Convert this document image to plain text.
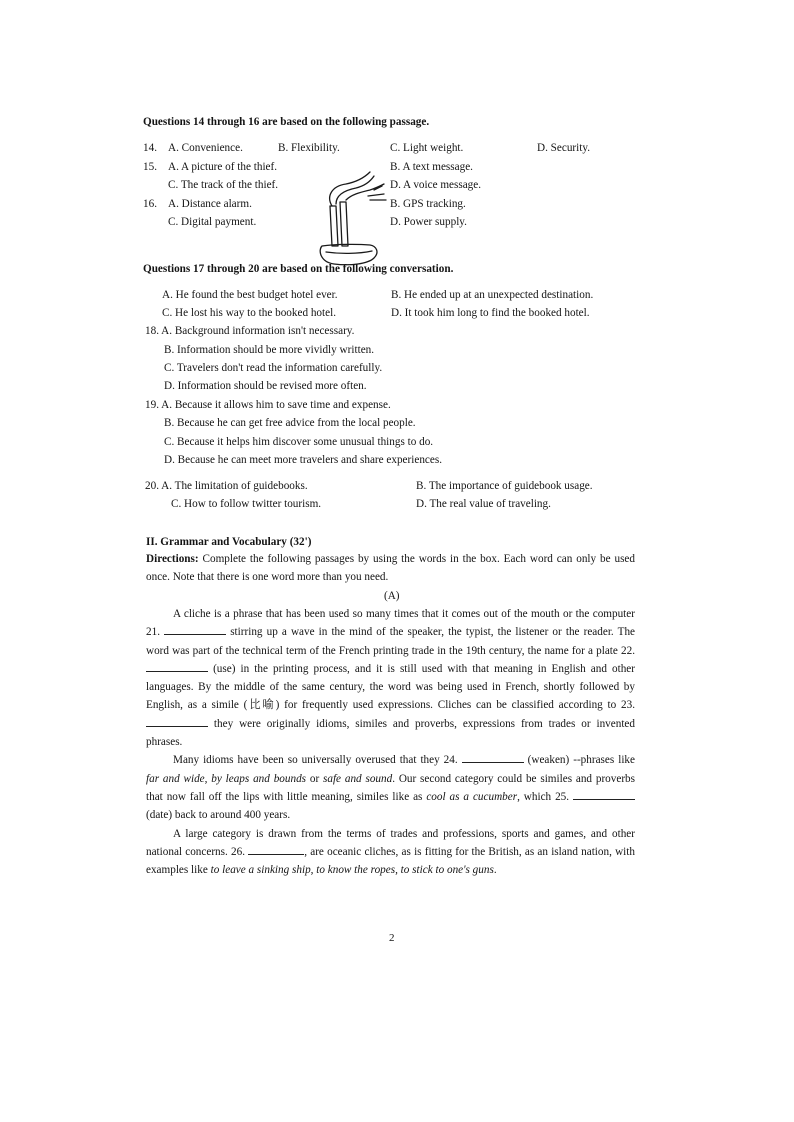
Questions 14 through 16 are based on the following passage.
14. A. Convenience.	B. Flexibility.	C. Light weight.	D. Security.
15. A. A picture of the thief.	B. A text message.
C. The track of the thief.	D. A voice message.
16. A. Distance alarm.	B. GPS tracking.
C. Digital payment.	D. Power supply.
Questions 17 through 20 are based on the following conversation.
A. He found the best budget hotel ever.	B. He ended up at an unexpected destination.
C. He lost his way to the booked hotel.	D. It took him long to find the booked hotel.
18. A. Background information isn't necessary.
B. Information should be more vividly written.
C. Travelers don't read the information carefully.
D. Information should be revised more often.
19. A. Because it allows him to save time and expense.
B. Because he can get free advice from the local people.
C. Because it helps him discover some unusual things to do.
D. Because he can meet more travelers and share experiences.
20. A. The limitation of guidebooks.	B. The importance of guidebook usage.
C. How to follow twitter tourism.	D. The real value of traveling.
II. Grammar and Vocabulary (32')

Directions: Complete the following passages by using the words in the box. Each word can only be used once. Note that there is one word more than you need.

(A)

A cliche is a phrase that has been used so many times that it comes out of the mouth or the computer 21.	stirring up a wave in the mind of the speaker, the typist, the listener or the reader. The word was part of the technical term of the French printing trade in the 19th century, the name for a plate 22.  (use) in the printing process, and it is still used with that meaning in English and other languages. By the middle of the same century, the word was being used in French, shortly followed by English, as a simile (比喻) for frequently used expressions. Cliches can be classified according to 23.  they were originally idioms, similes and proverbs, expressions from trades or invented phrases.

Many idioms have been so universally overused that they 24.	(weaken) --phrases like far and wide, by leaps and bounds or safe and sound. Our second category could be similes and proverbs that now fall off the lips with little meaning, similes like as cool as a cucumber, which 25. (date) back to around 400 years.

A large category is drawn from the terms of trades and professions, sports and games, and other national concerns. 26.	, are oceanic cliches, as is fitting for the British, as an island nation, with examples like to leave a sinking ship, to know the ropes, to stick to one's guns.

2
